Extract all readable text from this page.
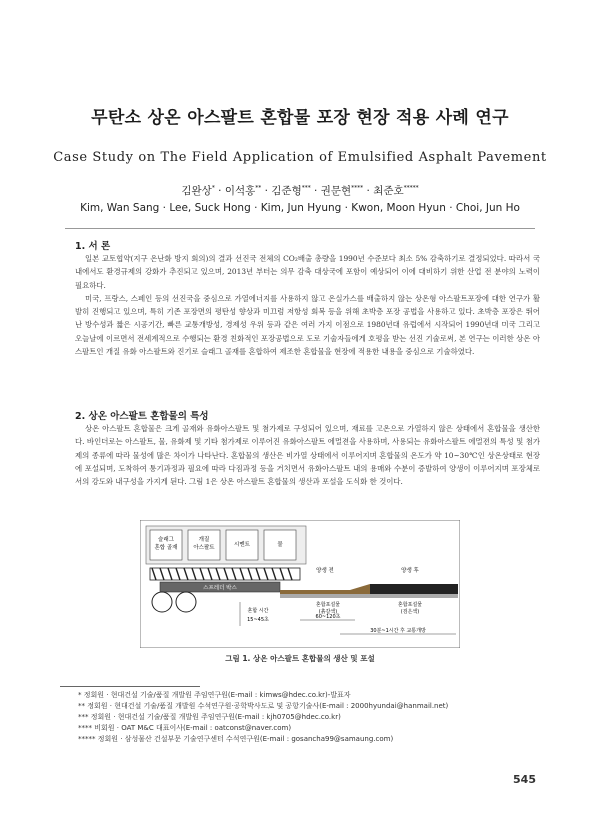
무탄소 상온 아스팔트 혼합물 포장 현장 적용 사례 연구
Case Study on The Field Application of Emulsified Asphalt Pavement
김완상* · 이석홍** · 김준형*** · 권문현**** · 최준호*****
Kim, Wan Sang · Lee, Suck Hong · Kim, Jun Hyung · Kwon, Moon Hyun · Choi, Jun Ho
1. 서 론

일본 교토협약(지구 온난화 방지 회의)의 결과 선진국 전체의 CO₂배출 총량을 1990년 수준보다 최소 5% 감축하기로 결정되었다. 따라서 국내에서도 환경규제의 강화가 추진되고 있으며, 2013년 부터는 의무 감축 대상국에 포함이 예상되어 이에 대비하기 위한 산업 전 분야의 노력이 필요하다.

미국, 프랑스, 스페인 등의 선진국을 중심으로 가열에너지를 사용하지 않고 온실가스를 배출하지 않는 상온형 아스팔트포장에 대한 연구가 활발히 진행되고 있으며, 특히 기존 포장면의 평탄성 향상과 미끄럼 저항성 회복 등을 위해 초박층 포장 공법을 사용하고 있다. 초박층 포장은 뛰어난 방수성과 짧은 시공기간, 빠른 교통개방성, 경제성 우위 등과 같은 여러 가지 이점으로 1980년대 유럽에서 시작되어 1990년대 미국 그리고 오늘날에 이르면서 전세계적으로 수행되는 환경 친화적인 포장공법으로 도로 기술자들에게 호평을 받는 선진 기술로써, 본 연구는 이러한 상온 아스팔트인 개질 유화 아스팔트와 진기로 슬래그 골재를 혼합하여 제조한 혼합물을 현장에 적용한 내용을 중심으로 기술하였다.

2. 상온 아스팔트 혼합물의 특성

상온 아스팔트 혼합물은 크게 골재와 유화아스팔트 및 첨가제로 구성되어 있으며, 재료를 고온으로 가열하지 않은 상태에서 혼합물을 생산한다. 바인더로는 아스팔트, 물, 유화제 및 기타 첨가제로 이루어진 유화아스팔트 에멀젼을 사용하며, 사용되는 유화아스팔트 에멀젼의 특성 및 첨가제의 종류에 따라 물성에 많은 차이가 나타난다. 혼합물의 생산은 비가열 상태에서 이루어지며 혼합물의 온도가 약 10~30℃인 상온상태로 현장에 포설되며, 도착하여 통기과정과 필요에 따라 다짐과정 등을 거치면서 유화아스팔트 내의 용매와 수분이 증발하여 양생이 이루어지며 포장체로서의 강도와 내구성을 가지게 된다. 그림 1은 상온 아스팔트 혼합물의 생산과 포설을 도식화 한 것이다.

슬래그
혼합 골재
개질
아스팔트	시멘트	물
스프레더 박스
양생 전	양생 후
혼합포설물
(흙갈색)
혼합포설물
(검은색)
혼합 시간
15~45초	60~120초
30분~1시간 후 교통개방
그림 1. 상온 아스팔트 혼합물의 생산 및 포설
* 정회원 · 현대건설 기술/품질 개발원 주임연구원(E-mail : kimws@hdec.co.kr)-발표자
** 정회원 · 현대건설 기술/품질 개발원 수석연구원·공학박사도로 및 공항기술사(E-mail : 2000hyundai@hanmail.net)
*** 정회원 · 현대건설 기술/품질 개발원 주임연구원(E-mail : kjh0705@hdec.co.kr)
**** 비회원 · OAT M&C 대표이사(E-mail : oatconst@naver.com)
***** 정회원 · 삼성물산 건설부문 기술연구센터 수석연구원(E-mail : gosancha99@samaung.com)
545
